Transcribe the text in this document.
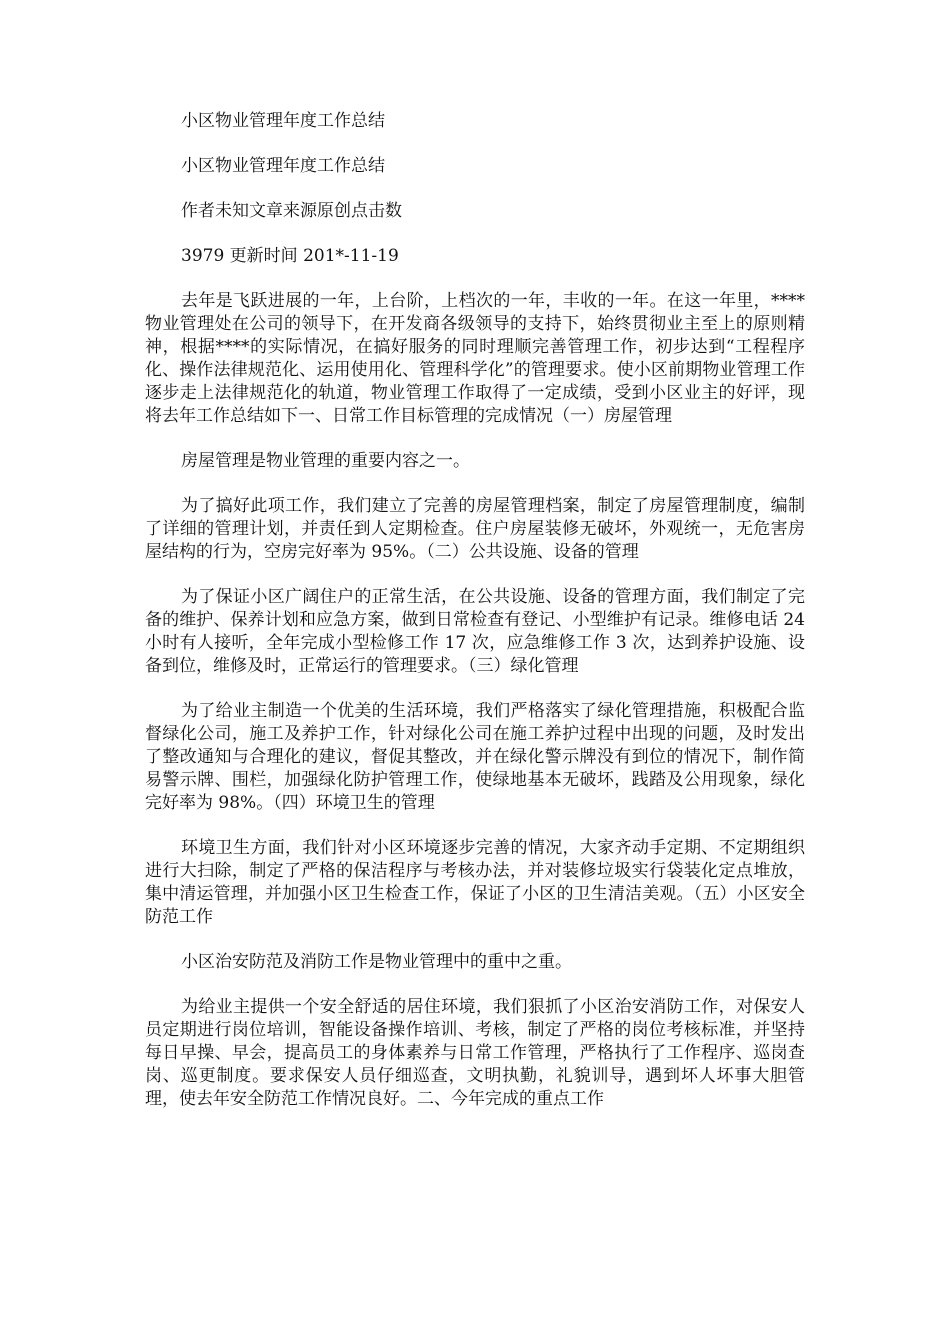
小区物业管理年度工作总结

小区物业管理年度工作总结

作者未知文章来源原创点击数

3979 更新时间 201*-11-19

去年是飞跃进展的一年，上台阶，上档次的一年，丰收的一年。在这一年里，****物业管理处在公司的领导下，在开发商各级领导的支持下，始终贯彻业主至上的原则精神，根据****的实际情况，在搞好服务的同时理顺完善管理工作，初步达到“工程程序化、操作法律规范化、运用使用化、管理科学化”的管理要求。使小区前期物业管理工作逐步走上法律规范化的轨道，物业管理工作取得了一定成绩，受到小区业主的好评，现将去年工作总结如下一、日常工作目标管理的完成情况（一）房屋管理

房屋管理是物业管理的重要内容之一。

为了搞好此项工作，我们建立了完善的房屋管理档案，制定了房屋管理制度，编制了详细的管理计划，并责任到人定期检查。住户房屋装修无破坏，外观统一，无危害房屋结构的行为，空房完好率为 95%。（二）公共设施、设备的管理

为了保证小区广阔住户的正常生活，在公共设施、设备的管理方面，我们制定了完备的维护、保养计划和应急方案，做到日常检查有登记、小型维护有记录。维修电话 24 小时有人接听，全年完成小型检修工作 17 次，应急维修工作 3 次，达到养护设施、设备到位，维修及时，正常运行的管理要求。（三）绿化管理

为了给业主制造一个优美的生活环境，我们严格落实了绿化管理措施，积极配合监督绿化公司，施工及养护工作，针对绿化公司在施工养护过程中出现的问题，及时发出了整改通知与合理化的建议，督促其整改，并在绿化警示牌没有到位的情况下，制作简易警示牌、围栏，加强绿化防护管理工作，使绿地基本无破坏，践踏及公用现象，绿化完好率为 98%。（四）环境卫生的管理

环境卫生方面，我们针对小区环境逐步完善的情况，大家齐动手定期、不定期组织进行大扫除，制定了严格的保洁程序与考核办法，并对装修垃圾实行袋装化定点堆放，集中清运管理，并加强小区卫生检查工作，保证了小区的卫生清洁美观。（五）小区安全防范工作

小区治安防范及消防工作是物业管理中的重中之重。

为给业主提供一个安全舒适的居住环境，我们狠抓了小区治安消防工作，对保安人员定期进行岗位培训，智能设备操作培训、考核，制定了严格的岗位考核标准，并坚持每日早操、早会，提高员工的身体素养与日常工作管理，严格执行了工作程序、巡岗查岗、巡更制度。要求保安人员仔细巡查，文明执勤，礼貌训导，遇到坏人坏事大胆管理，使去年安全防范工作情况良好。二、今年完成的重点工作
